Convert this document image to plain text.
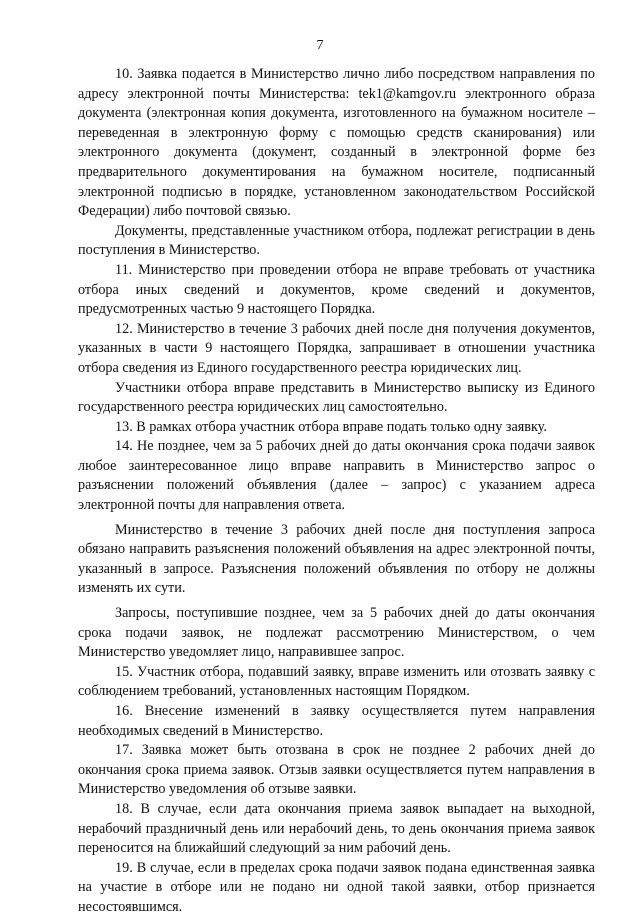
7

10. Заявка подается в Министерство лично либо посредством направления по адресу электронной почты Министерства: tek1@kamgov.ru электронного образа документа (электронная копия документа, изготовленного на бумажном носителе – переведенная в электронную форму с помощью средств сканирования) или электронного документа (документ, созданный в электронной форме без предварительного документирования на бумажном носителе, подписанный электронной подписью в порядке, установленном законодательством Российской Федерации) либо почтовой связью.

Документы, представленные участником отбора, подлежат регистрации в день поступления в Министерство.

11. Министерство при проведении отбора не вправе требовать от участника отбора иных сведений и документов, кроме сведений и документов, предусмотренных частью 9 настоящего Порядка.

12. Министерство в течение 3 рабочих дней после дня получения документов, указанных в части 9 настоящего Порядка, запрашивает в отношении участника отбора сведения из Единого государственного реестра юридических лиц.

Участники отбора вправе представить в Министерство выписку из Единого государственного реестра юридических лиц самостоятельно.

13. В рамках отбора участник отбора вправе подать только одну заявку.

14. Не позднее, чем за 5 рабочих дней до даты окончания срока подачи заявок любое заинтересованное лицо вправе направить в Министерство запрос о разъяснении положений объявления (далее – запрос) с указанием адреса электронной почты для направления ответа.

Министерство в течение 3 рабочих дней после дня поступления запроса обязано направить разъяснения положений объявления на адрес электронной почты, указанный в запросе. Разъяснения положений объявления по отбору не должны изменять их сути.

Запросы, поступившие позднее, чем за 5 рабочих дней до даты окончания срока подачи заявок, не подлежат рассмотрению Министерством, о чем Министерство уведомляет лицо, направившее запрос.

15. Участник отбора, подавший заявку, вправе изменить или отозвать заявку с соблюдением требований, установленных настоящим Порядком.

16. Внесение изменений в заявку осуществляется путем направления необходимых сведений в Министерство.

17. Заявка может быть отозвана в срок не позднее 2 рабочих дней до окончания срока приема заявок. Отзыв заявки осуществляется путем направления в Министерство уведомления об отзыве заявки.

18. В случае, если дата окончания приема заявок выпадает на выходной, нерабочий праздничный день или нерабочий день, то день окончания приема заявок переносится на ближайший следующий за ним рабочий день.

19. В случае, если в пределах срока подачи заявок подана единственная заявка на участие в отборе или не подано ни одной такой заявки, отбор признается несостоявшимся.
